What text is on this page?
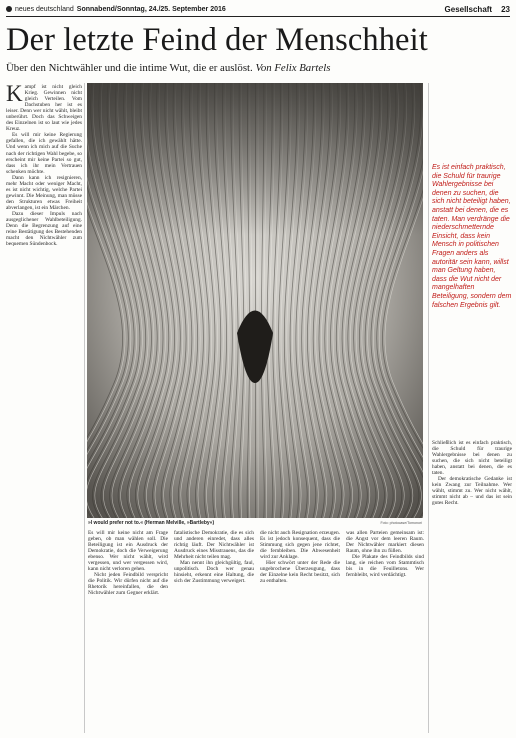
neues deutschland Sonnabend/Sonntag, 24./25. September 2016	Gesellschaft 23
Der letzte Feind der Menschheit
Über den Nichtwähler und die intime Wut, die er auslöst. Von Felix Bartels
K ampf ist nicht gleich Krieg. Gewinnen nicht gleich Verteilen. Vom Dachstuben her ist es leiser. Denn wer nicht wählt, bleibt unberührt. Doch das Schweigen des Einzelnen ist so laut wie jedes Kreuz.

Es will mir keine Regierung gefallen, die ich gewählt hätte. Und wenn ich mich auf die Suche nach der richtigen Wahl begebe, so erscheint mir keine Partei so gut, dass ich ihr mein Vertrauen schenken möchte.

Dann kann ich resignieren, mehr Macht oder weniger Macht, es ist nicht wichtig, welche Partei gewinnt. Die Meinung, man müsse den Strukturen etwas Freiheit abverlangen, ist ein Märchen.

Dazu dieser Impuls nach ausgeglichener Wahlbeteiligung. Denn die Begrenzung auf eine reine Bestätigung des Bestehenden macht den Nichtwähler zum bequemen Sündenbock.

»I would prefer not to.« (Herman Melville, »Bartleby«)	Foto: photocase/Tomonori

Es will mir keine nicht am Frage geben, ob man wählen soll. Die Beteiligung ist ein Ausdruck der Demokratie, doch die Verweigerung ebenso. Wer nicht wählt, wird vergessen, und wer vergessen wird, kann nicht verloren gehen.

Nicht jeden Feindbild verspricht die Politik. Wir dürfen nicht auf die Rhetorik hereinfallen, die den Nichtwähler zum Gegner erklärt.

fatalistische Demokratie, die es sich und anderen einredet, dass alles richtig läuft. Der Nichtwähler ist Ausdruck eines Misstrauens, das die Mehrheit nicht teilen mag.

Man nennt ihn gleichgültig, faul, unpolitisch. Doch wer genau hinsieht, erkennt eine Haltung, die sich der Zustimmung verweigert.

die nicht auch Resignation erzeugen. Es ist jedoch konsequent, dass die Stimmung sich gegen jene richtet, die fernbleiben. Die Abwesenheit wird zur Anklage.

Hier schwört unter der Rede die ungebrochene Überzeugung, dass der Einzelne kein Recht besitzt, sich zu enthalten.

was allen Parteien gemeinsam ist: die Angst vor dem leeren Raum. Der Nichtwähler markiert diesen Raum, ohne ihn zu füllen.

Die Plakate des Feindbilds sind lang, sie reichen vom Stammtisch bis in die Feuilletons. Wer fernbleibt, wird verdächtigt.

Es ist einfach praktisch, die Schuld für traurige Wahlergebnisse bei denen zu suchen, die sich nicht beteiligt haben, anstatt bei denen, die es taten. Man verdränge die niederschmetternde Einsicht, dass kein Mensch in politischen Fragen anders als autoritär sein kann, willst man Geltung haben, dass die Wut nicht der mangelhaften Beteiligung, sondern dem falschen Ergebnis gilt.

Schließlich ist es einfach praktisch, die Schuld für traurige Wahlergebnisse bei denen zu suchen, die sich nicht beteiligt haben, anstatt bei denen, die es taten.

Der demokratische Gedanke ist kein Zwang zur Teilnahme. Wer wählt, stimmt zu. Wer nicht wählt, stimmt nicht ab – und das ist sein gutes Recht.
